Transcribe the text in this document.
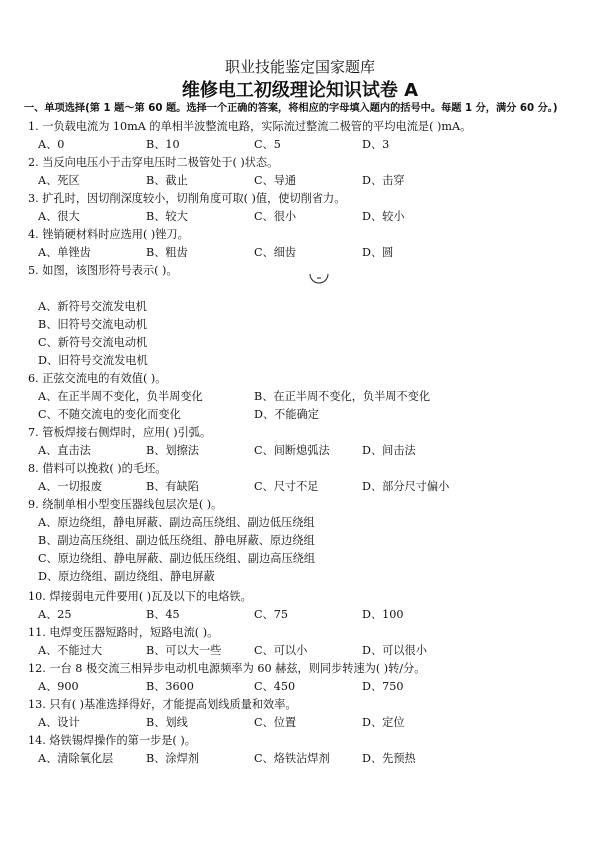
职业技能鉴定国家题库
维修电工初级理论知识试卷 A
一、单项选择(第 1 题～第 60 题。选择一个正确的答案，将相应的字母填入题内的括号中。每题 1 分，满分 60 分。)
1. 一负载电流为 10mA 的单相半波整流电路，实际流过整流二极管的平均电流是( )mA。
A、0	B、10	C、5	D、3
2. 当反向电压小于击穿电压时二极管处于( )状态。
A、死区	B、截止	C、导通	D、击穿
3. 扩孔时，因切削深度较小，切削角度可取( )值，使切削省力。
A、很大	B、较大	C、很小	D、较小
4. 锉销硬材料时应选用( )锉刀。
A、单锉齿	B、粗齿	C、细齿	D、圆
5. 如图，该图形符号表示( )。
A、新符号交流发电机
B、旧符号交流电动机
C、新符号交流电动机
D、旧符号交流发电机
6. 正弦交流电的有效值( )。
A、在正半周不变化，负半周变化	B、在正半周不变化，负半周不变化
C、不随交流电的变化而变化	D、不能确定
7. 管板焊接右侧焊时，应用( )引弧。
A、直击法	B、划擦法	C、间断熄弧法	D、间击法
8. 借料可以挽救( )的毛坯。
A、一切报废	B、有缺陷	C、尺寸不足	D、部分尺寸偏小
9. 绕制单相小型变压器线包层次是( )。
A、原边绕组，静电屏蔽、副边高压绕组、副边低压绕组
B、副边高压绕组、副边低压绕组、静电屏蔽、原边绕组
C、原边绕组、静电屏蔽、副边低压绕组、副边高压绕组
D、原边绕组、副边绕组、静电屏蔽
10. 焊接弱电元件要用( )瓦及以下的电烙铁。
A、25	B、45	C、75	D、100
11. 电焊变压器短路时，短路电流( )。
A、不能过大	B、可以大一些	C、可以小	D、可以很小
12. 一台 8 极交流三相异步电动机电源频率为 60 赫兹，则同步转速为( )转/分。
A、900	B、3600	C、450	D、750
13. 只有( )基准选择得好，才能提高划线质量和效率。
A、设计	B、划线	C、位置	D、定位
14. 烙铁锡焊操作的第一步是( )。
A、清除氧化层	B、涂焊剂	C、烙铁沾焊剂	D、先预热
